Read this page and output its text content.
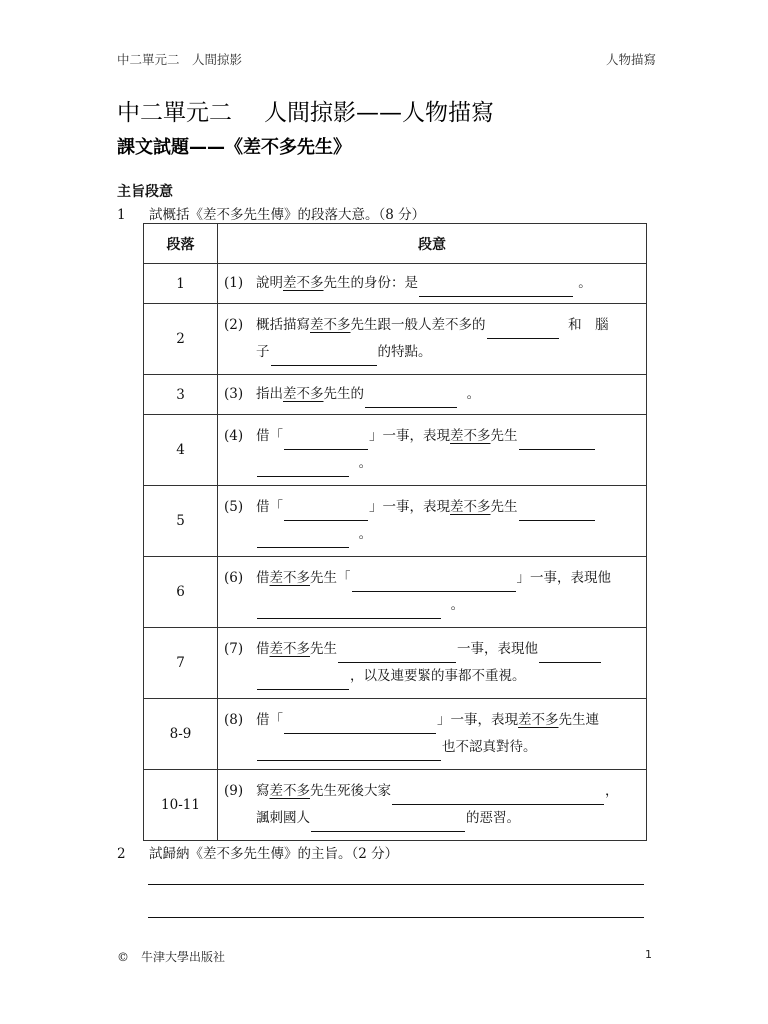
中二單元二　人間掠影	人物描寫
中二單元二 人間掠影——人物描寫
課文試題——《差不多先生》
主旨段意
1 試概括《差不多先生傳》的段落大意。（8 分）
段落	段意
1	(1) 說明差不多先生的身份：是 。

2	(2) 概括描寫差不多先生跟一般人差不多的 和　腦
子 的特點。

3	(3) 指出差不多先生的 。

4	(4) 借「 」一事，表現差不多先生
。

5	(5) 借「 」一事，表現差不多先生
。

6	(6) 借差不多先生「 」一事，表現他
。

7	(7) 借差不多先生 一事，表現他
，以及連要緊的事都不重視。

8-9	(8) 借「 」一事，表現差不多先生連
也不認真對待。

10-11	(9) 寫差不多先生死後大家 ，
諷刺國人 的惡習。
2 試歸納《差不多先生傳》的主旨。（2 分）
©　牛津大學出版社	1
